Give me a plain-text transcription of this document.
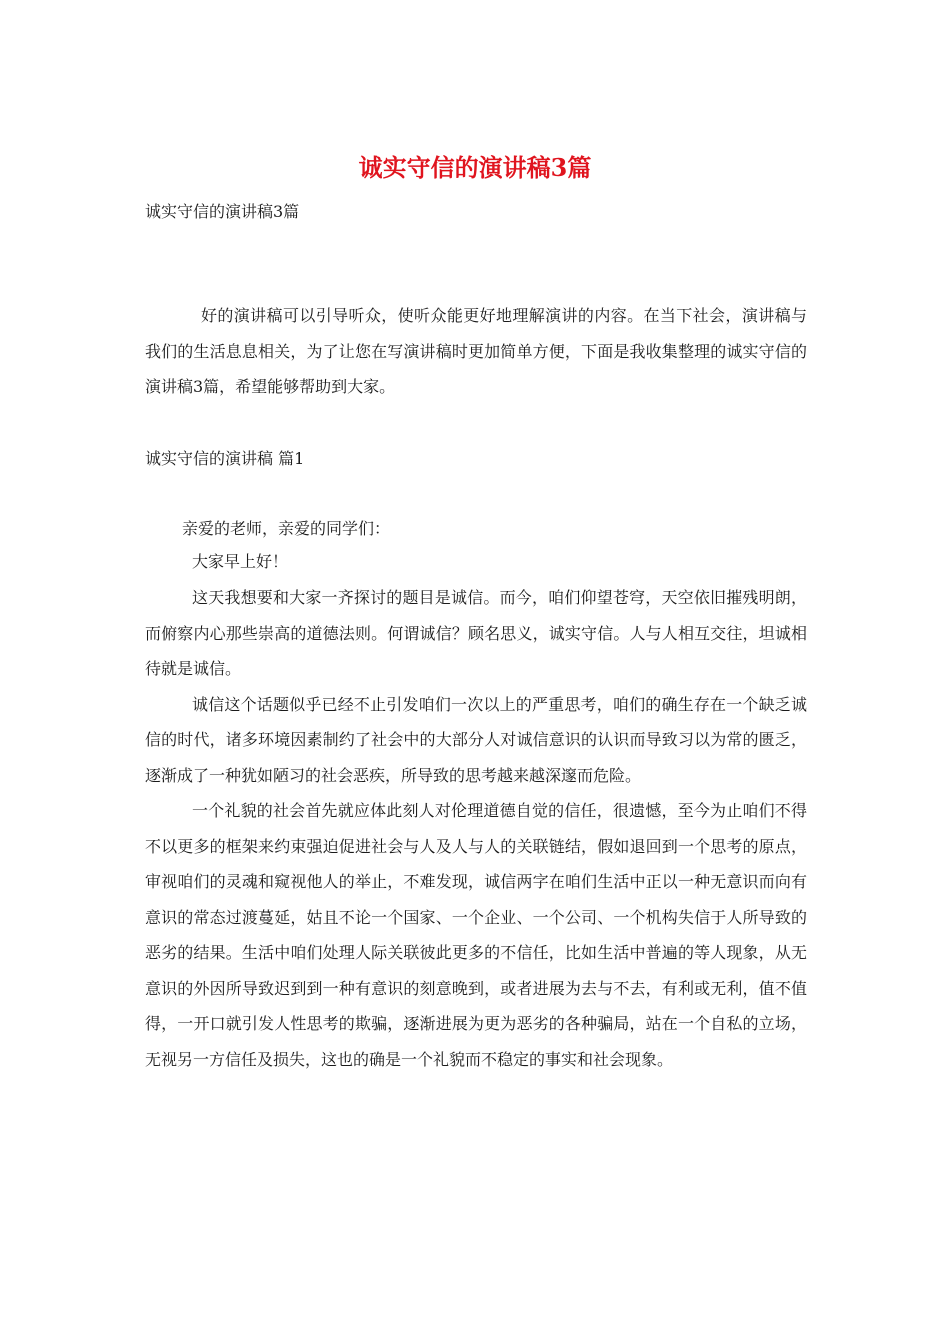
诚实守信的演讲稿3篇
诚实守信的演讲稿3篇
好的演讲稿可以引导听众，使听众能更好地理解演讲的内容。在当下社会，演讲稿与我们的生活息息相关，为了让您在写演讲稿时更加简单方便，下面是我收集整理的诚实守信的演讲稿3篇，希望能够帮助到大家。
诚实守信的演讲稿 篇1
亲爱的老师，亲爱的同学们：
大家早上好！

这天我想要和大家一齐探讨的题目是诚信。而今，咱们仰望苍穹，天空依旧摧残明朗，而俯察内心那些崇高的道德法则。何谓诚信？顾名思义，诚实守信。人与人相互交往，坦诚相待就是诚信。

诚信这个话题似乎已经不止引发咱们一次以上的严重思考，咱们的确生存在一个缺乏诚信的时代，诸多环境因素制约了社会中的大部分人对诚信意识的认识而导致习以为常的匮乏，逐渐成了一种犹如陋习的社会恶疾，所导致的思考越来越深邃而危险。

一个礼貌的社会首先就应体此刻人对伦理道德自觉的信任，很遗憾，至今为止咱们不得不以更多的框架来约束强迫促进社会与人及人与人的关联链结，假如退回到一个思考的原点，审视咱们的灵魂和窥视他人的举止，不难发现，诚信两字在咱们生活中正以一种无意识而向有意识的常态过渡蔓延，姑且不论一个国家、一个企业、一个公司、一个机构失信于人所导致的恶劣的结果。生活中咱们处理人际关联彼此更多的不信任，比如生活中普遍的等人现象，从无意识的外因所导致迟到到一种有意识的刻意晚到，或者进展为去与不去，有利或无利，值不值得，一开口就引发人性思考的欺骗，逐渐进展为更为恶劣的各种骗局，站在一个自私的立场，无视另一方信任及损失，这也的确是一个礼貌而不稳定的事实和社会现象。
